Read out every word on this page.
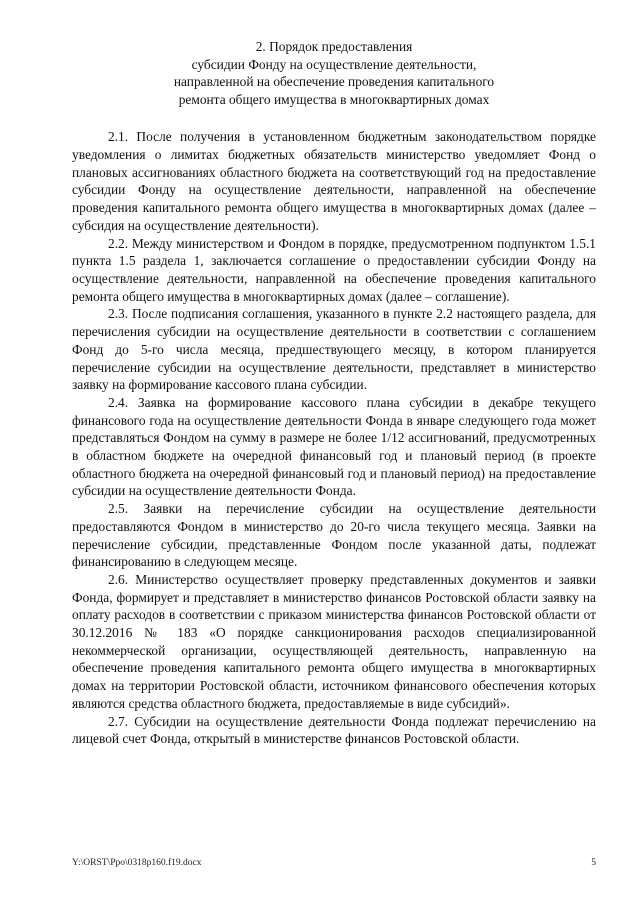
2. Порядок предоставления
субсидии Фонду на осуществление деятельности,
направленной на обеспечение проведения капитального
ремонта общего имущества в многоквартирных домах

2.1. После получения в установленном бюджетным законодательством порядке уведомления о лимитах бюджетных обязательств министерство уведомляет Фонд о плановых ассигнованиях областного бюджета на соответствующий год на предоставление субсидии Фонду на осуществление деятельности, направленной на обеспечение проведения капитального ремонта общего имущества в многоквартирных домах (далее – субсидия на осуществление деятельности).

2.2. Между министерством и Фондом в порядке, предусмотренном подпунктом 1.5.1 пункта 1.5 раздела 1, заключается соглашение о предоставлении субсидии Фонду на осуществление деятельности, направленной на обеспечение проведения капитального ремонта общего имущества в многоквартирных домах (далее – соглашение).

2.3. После подписания соглашения, указанного в пункте 2.2 настоящего раздела, для перечисления субсидии на осуществление деятельности в соответствии с соглашением Фонд до 5-го числа месяца, предшествующего месяцу, в котором планируется перечисление субсидии на осуществление деятельности, представляет в министерство заявку на формирование кассового плана субсидии.

2.4. Заявка на формирование кассового плана субсидии в декабре текущего финансового года на осуществление деятельности Фонда в январе следующего года может представляться Фондом на сумму в размере не более 1/12 ассигнований, предусмотренных в областном бюджете на очередной финансовый год и плановый период (в проекте областного бюджета на очередной финансовый год и плановый период) на предоставление субсидии на осуществление деятельности Фонда.

2.5. Заявки на перечисление субсидии на осуществление деятельности предоставляются Фондом в министерство до 20-го числа текущего месяца. Заявки на перечисление субсидии, представленные Фондом после указанной даты, подлежат финансированию в следующем месяце.

2.6. Министерство осуществляет проверку представленных документов и заявки Фонда, формирует и представляет в министерство финансов Ростовской области заявку на оплату расходов в соответствии с приказом министерства финансов Ростовской области от 30.12.2016 № 183 «О порядке санкционирования расходов специализированной некоммерческой организации, осуществляющей деятельность, направленную на обеспечение проведения капитального ремонта общего имущества в многоквартирных домах на территории Ростовской области, источником финансового обеспечения которых являются средства областного бюджета, предоставляемые в виде субсидий».

2.7. Субсидии на осуществление деятельности Фонда подлежат перечислению на лицевой счет Фонда, открытый в министерстве финансов Ростовской области.

Y:\ORST\Ppo\0318p160.f19.docx	5
